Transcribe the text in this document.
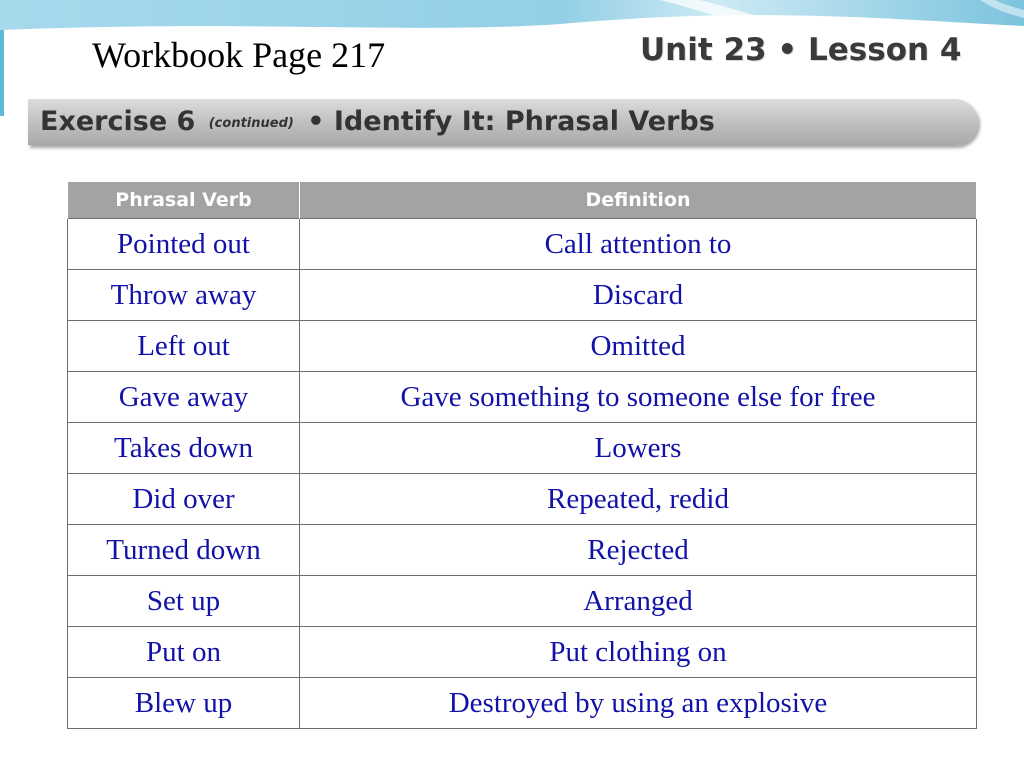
Workbook Page 217	Unit 23 • Lesson 4
Exercise 6 (continued) • Identify It: Phrasal Verbs
Phrasal Verb	Definition
Pointed out	Call attention to
Throw away	Discard
Left out	Omitted
Gave away	Gave something to someone else for free
Takes down	Lowers
Did over	Repeated, redid
Turned down	Rejected
Set up	Arranged
Put on	Put clothing on
Blew up	Destroyed by using an explosive
